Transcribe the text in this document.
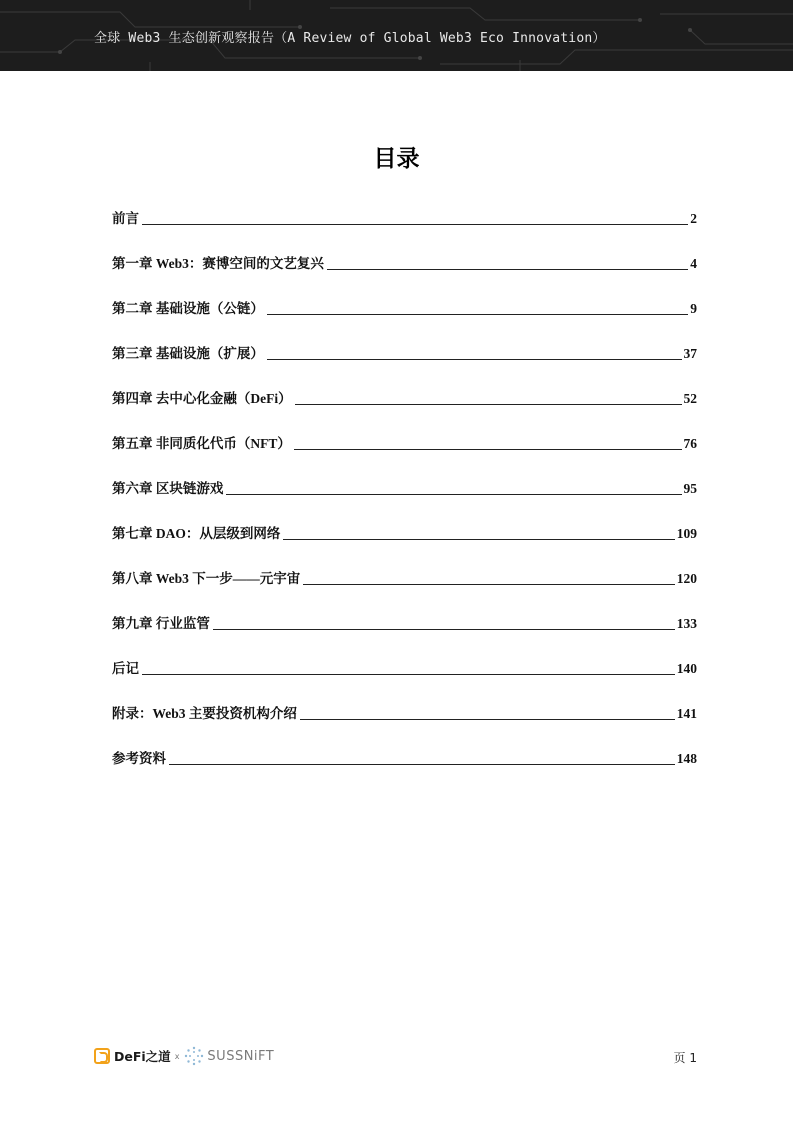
全球 Web3 生态创新观察报告（A Review of Global Web3 Eco Innovation）
目录
前言	2
第一章 Web3：赛博空间的文艺复兴	4
第二章 基础设施（公链）	9
第三章 基础设施（扩展）	37
第四章 去中心化金融（DeFi）	52
第五章 非同质化代币（NFT）	76
第六章 区块链游戏	95
第七章 DAO：从层级到网络	109
第八章 Web3 下一步——元宇宙	120
第九章 行业监管	133
后记	140
附录：Web3 主要投资机构介绍	141
参考资料	148
DeFi之道 x SUSSNiFT	页 1
